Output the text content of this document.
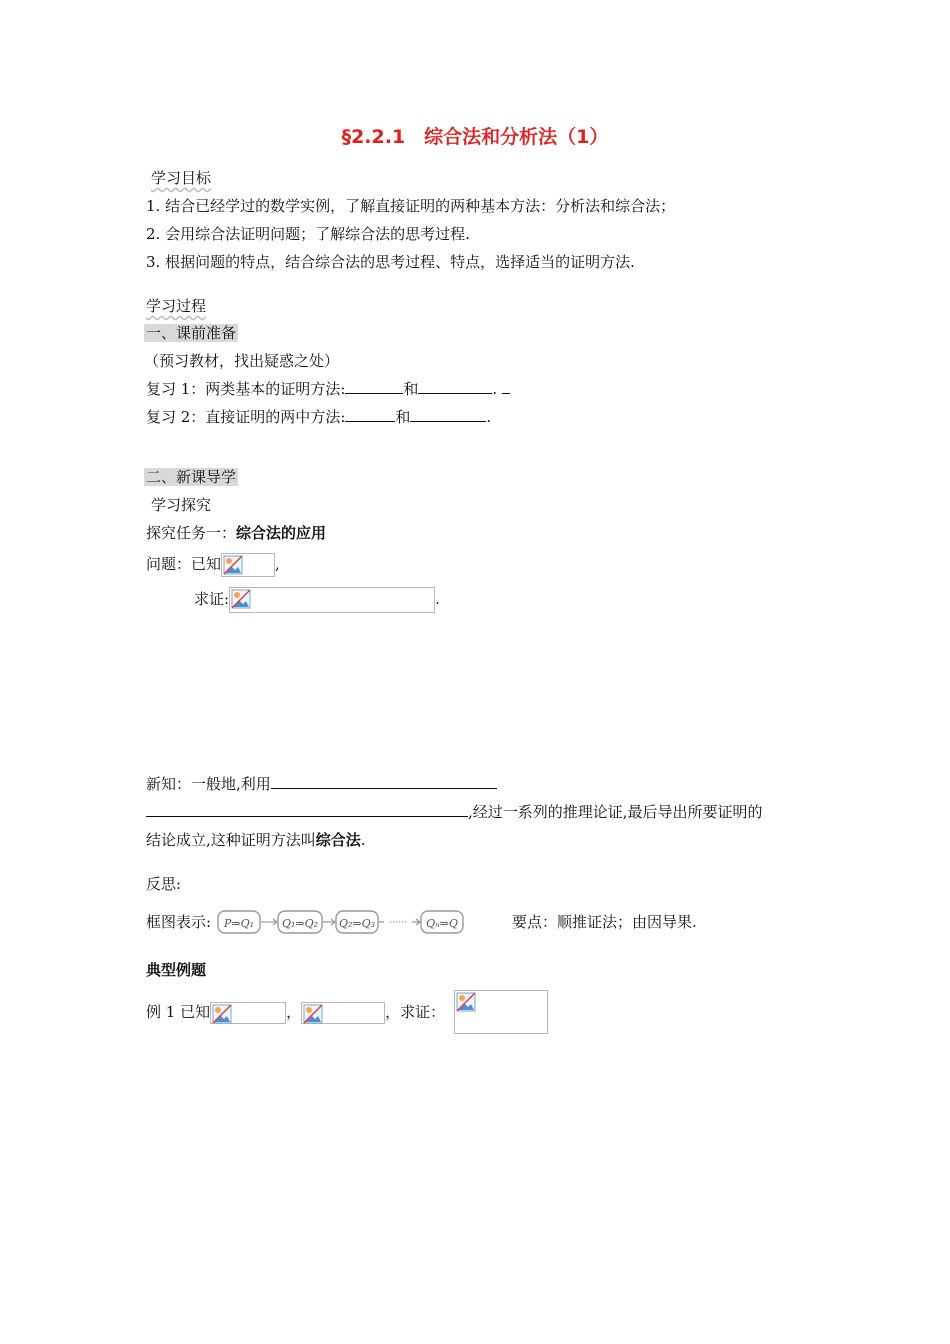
§2.2.1　综合法和分析法（1）
学习目标
1. 结合已经学过的数学实例，了解直接证明的两种基本方法：分析法和综合法；
2. 会用综合法证明问题；了解综合法的思考过程.
3. 根据问题的特点，结合综合法的思考过程、特点，选择适当的证明方法.
学习过程
一、课前准备
（预习教材，找出疑惑之处）
复习 1：两类基本的证明方法:	和	.
复习 2：直接证明的两中方法:	和	.
二、新课导学
学习探究
探究任务一：综合法的应用
问题：已知	,
求证:	.
新知：一般地,利用
,经过一系列的推理论证,最后导出所要证明的
结论成立,这种证明方法叫综合法.
反思:
框图表示: P⇒Q₁	Q₁⇒Q₂ Q₂⇒Q₃ ······ Qₙ⇒Q	要点：顺推证法；由因导果.
典型例题
例 1 已知	，	，求证：
